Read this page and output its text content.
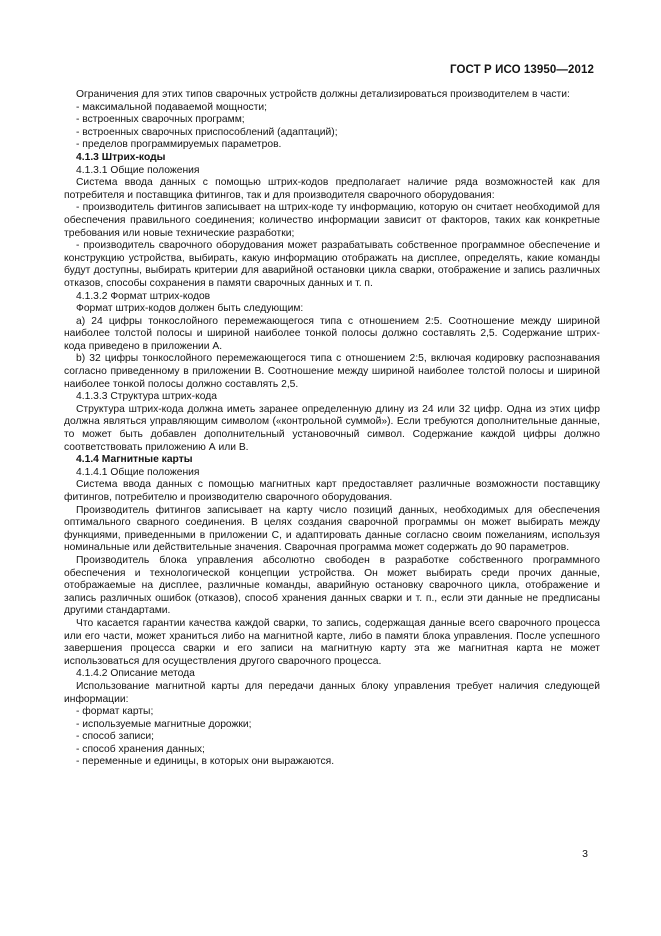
ГОСТ Р ИСО 13950—2012

Ограничения для этих типов сварочных устройств должны детализироваться производителем в части:

- максимальной подаваемой мощности;

- встроенных сварочных программ;

- встроенных сварочных приспособлений (адаптаций);

- пределов программируемых параметров.

4.1.3 Штрих-коды

4.1.3.1 Общие положения

Система ввода данных с помощью штрих-кодов предполагает наличие ряда возможностей как для потребителя и поставщика фитингов, так и для производителя сварочного оборудования:

- производитель фитингов записывает на штрих-коде ту информацию, которую он считает необходимой для обеспечения правильного соединения; количество информации зависит от факторов, таких как конкретные требования или новые технические разработки;

- производитель сварочного оборудования может разрабатывать собственное программное обеспечение и конструкцию устройства, выбирать, какую информацию отображать на дисплее, определять, какие команды будут доступны, выбирать критерии для аварийной остановки цикла сварки, отображение и запись различных отказов, способы сохранения в памяти сварочных данных и т. п.

4.1.3.2 Формат штрих-кодов

Формат штрих-кодов должен быть следующим:

a) 24 цифры тонкослойного перемежающегося типа с отношением 2:5. Соотношение между шириной наиболее толстой полосы и шириной наиболее тонкой полосы должно составлять 2,5. Содержание штрих-кода приведено в приложении А.

b) 32 цифры тонкослойного перемежающегося типа с отношением 2:5, включая кодировку распознавания согласно приведенному в приложении В. Соотношение между шириной наиболее толстой полосы и шириной наиболее тонкой полосы должно составлять 2,5.

4.1.3.3 Структура штрих-кода

Структура штрих-кода должна иметь заранее определенную длину из 24 или 32 цифр. Одна из этих цифр должна являться управляющим символом («контрольной суммой»). Если требуются дополнительные данные, то может быть добавлен дополнительный установочный символ. Содержание каждой цифры должно соответствовать приложению А или В.

4.1.4 Магнитные карты

4.1.4.1 Общие положения

Система ввода данных с помощью магнитных карт предоставляет различные возможности поставщику фитингов, потребителю и производителю сварочного оборудования.

Производитель фитингов записывает на карту число позиций данных, необходимых для обеспечения оптимального сварного соединения. В целях создания сварочной программы он может выбирать между функциями, приведенными в приложении С, и адаптировать данные согласно своим пожеланиям, используя номинальные или действительные значения. Сварочная программа может содержать до 90 параметров.

Производитель блока управления абсолютно свободен в разработке собственного программного обеспечения и технологической концепции устройства. Он может выбирать среди прочих данные, отображаемые на дисплее, различные команды, аварийную остановку сварочного цикла, отображение и запись различных ошибок (отказов), способ хранения данных сварки и т. п., если эти данные не предписаны другими стандартами.

Что касается гарантии качества каждой сварки, то запись, содержащая данные всего сварочного процесса или его части, может храниться либо на магнитной карте, либо в памяти блока управления. После успешного завершения процесса сварки и его записи на магнитную карту эта же магнитная карта не может использоваться для осуществления другого сварочного процесса.

4.1.4.2 Описание метода

Использование магнитной карты для передачи данных блоку управления требует наличия следующей информации:

- формат карты;

- используемые магнитные дорожки;

- способ записи;

- способ хранения данных;

- переменные и единицы, в которых они выражаются.

3
